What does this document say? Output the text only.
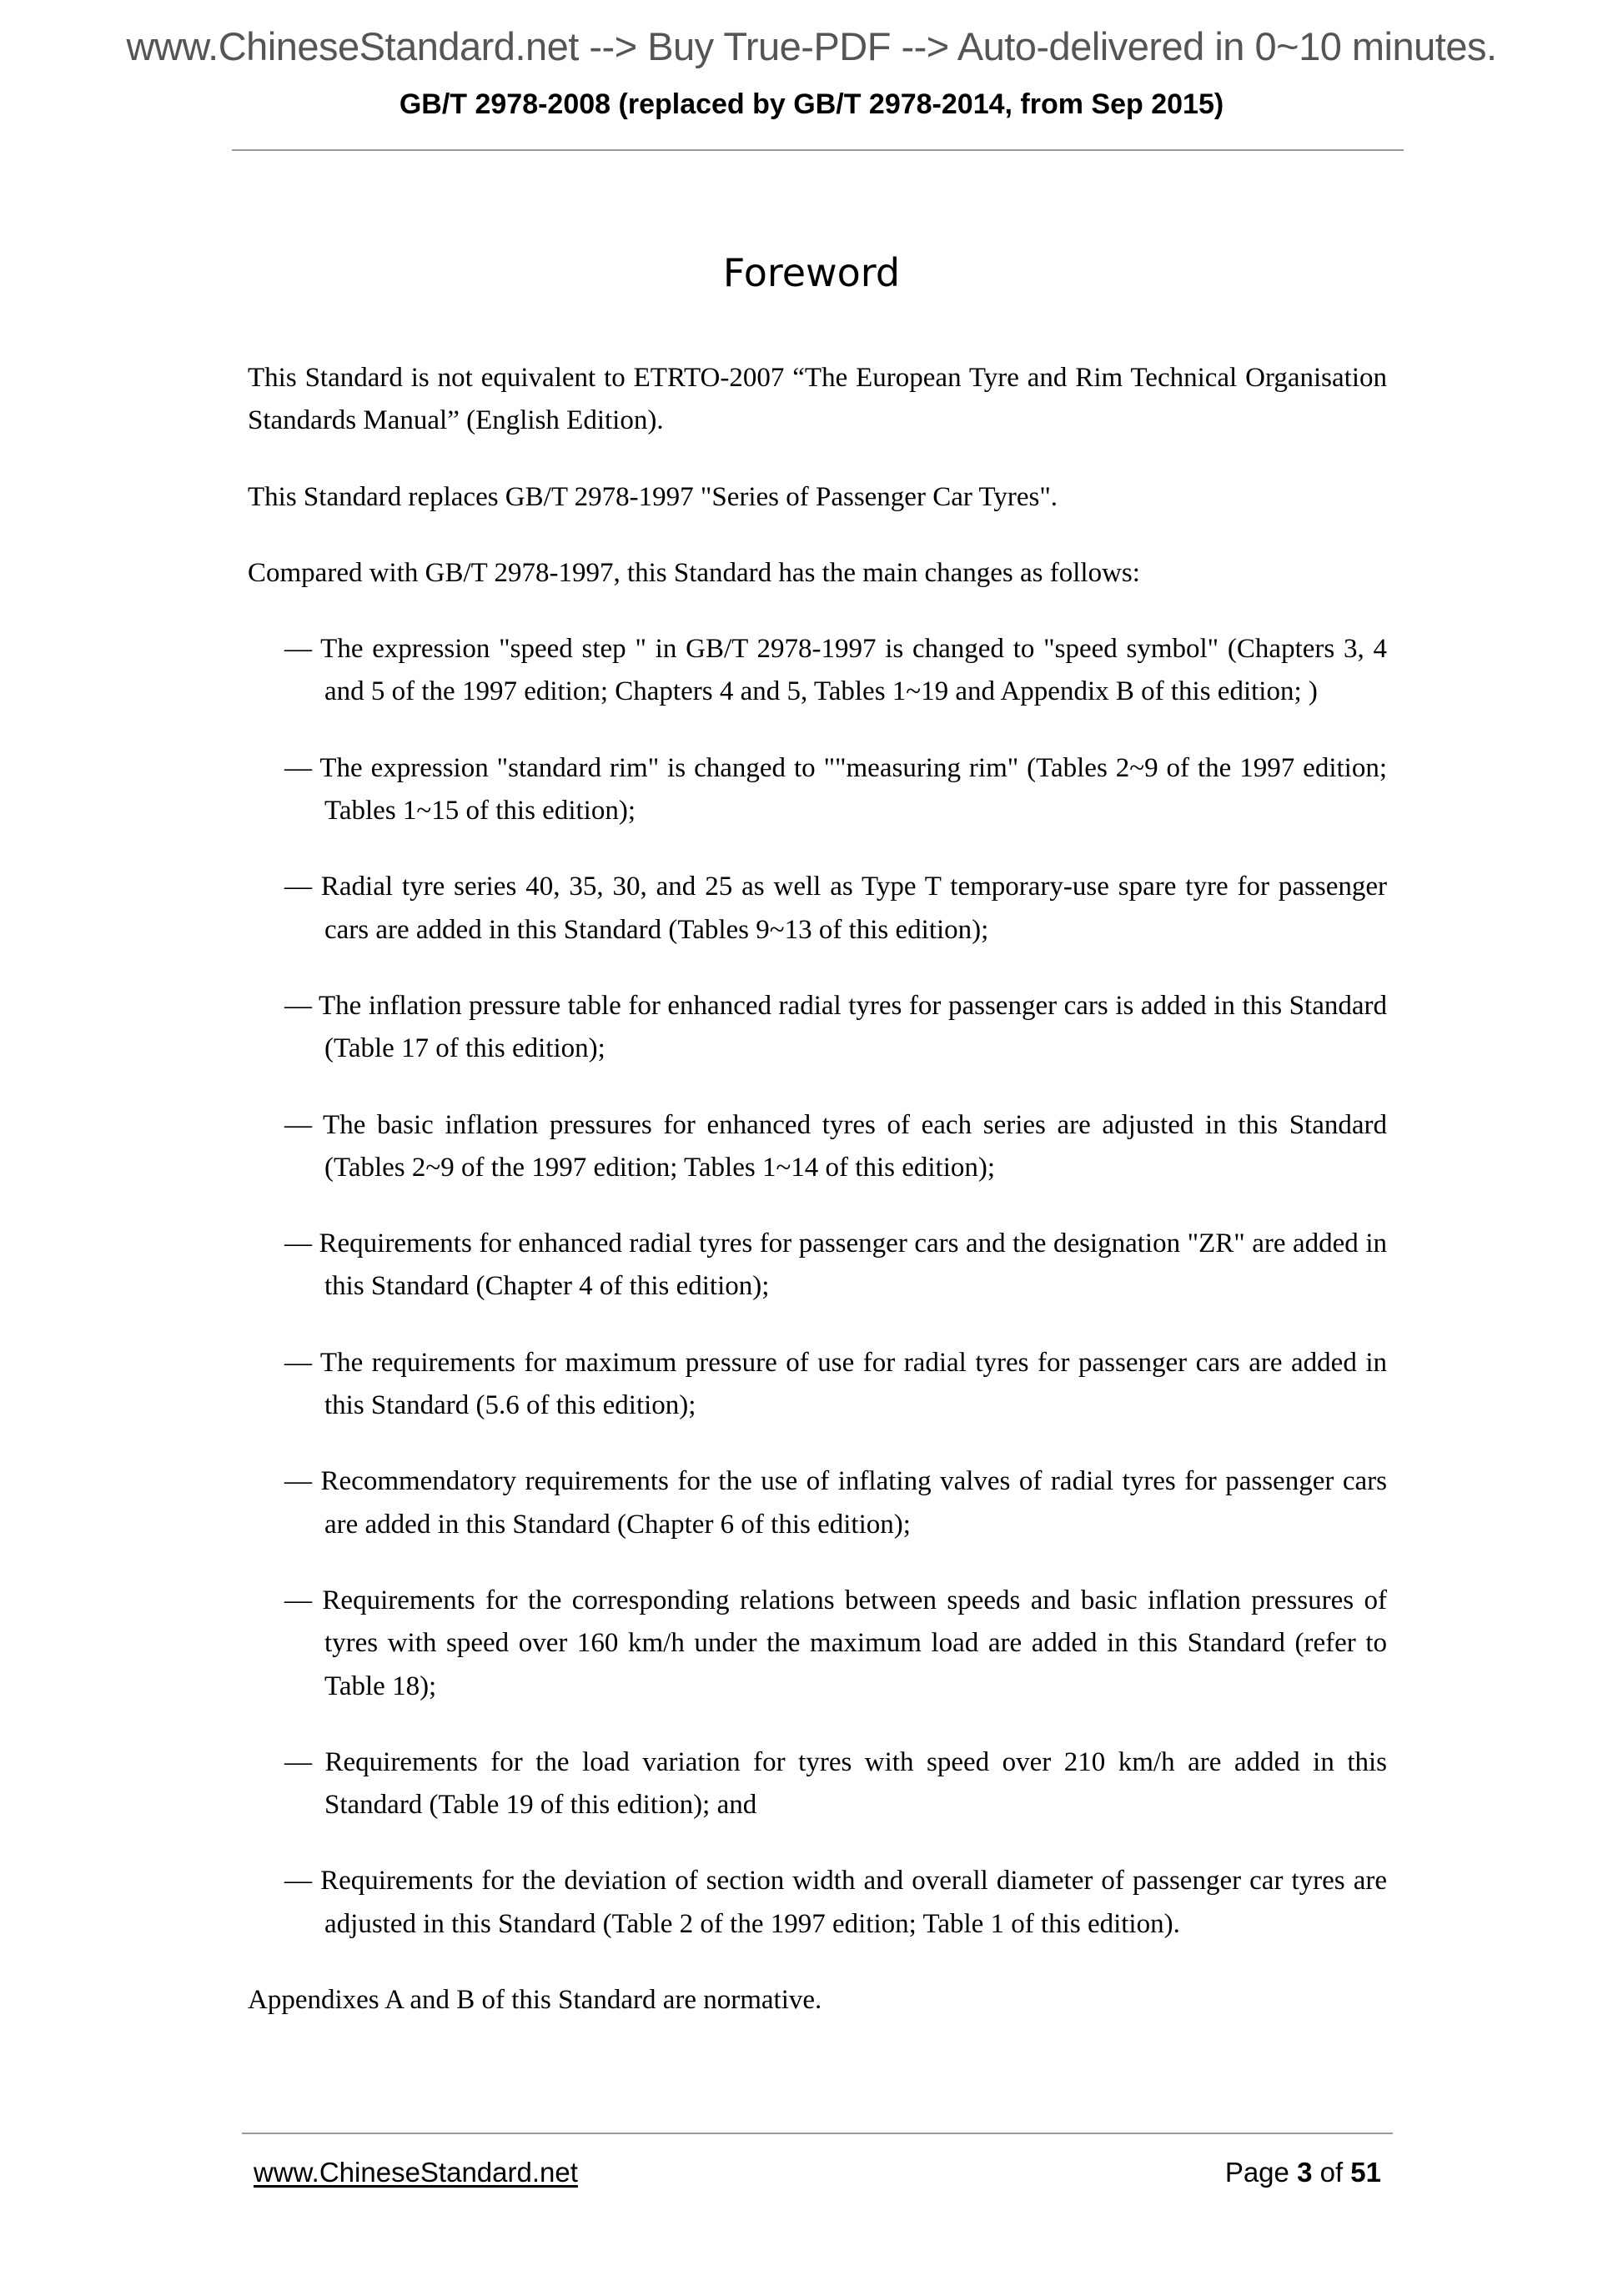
www.ChineseStandard.net --> Buy True-PDF --> Auto-delivered in 0~10 minutes.
GB/T 2978-2008 (replaced by GB/T 2978-2014, from Sep 2015)
Foreword

This Standard is not equivalent to ETRTO-2007 “The European Tyre and Rim Technical Organisation Standards Manual” (English Edition).

This Standard replaces GB/T 2978-1997 "Series of Passenger Car Tyres".

Compared with GB/T 2978-1997, this Standard has the main changes as follows:

— The expression "speed step " in GB/T 2978-1997 is changed to "speed symbol" (Chapters 3, 4 and 5 of the 1997 edition; Chapters 4 and 5, Tables 1~19 and Appendix B of this edition; )

— The expression "standard rim" is changed to ""measuring rim" (Tables 2~9 of the 1997 edition; Tables 1~15 of this edition);

— Radial tyre series 40, 35, 30, and 25 as well as Type T temporary-use spare tyre for passenger cars are added in this Standard (Tables 9~13 of this edition);

— The inflation pressure table for enhanced radial tyres for passenger cars is added in this Standard (Table 17 of this edition);

— The basic inflation pressures for enhanced tyres of each series are adjusted in this Standard (Tables 2~9 of the 1997 edition; Tables 1~14 of this edition);

— Requirements for enhanced radial tyres for passenger cars and the designation "ZR" are added in this Standard (Chapter 4 of this edition);

— The requirements for maximum pressure of use for radial tyres for passenger cars are added in this Standard (5.6 of this edition);

— Recommendatory requirements for the use of inflating valves of radial tyres for passenger cars are added in this Standard (Chapter 6 of this edition);

— Requirements for the corresponding relations between speeds and basic inflation pressures of tyres with speed over 160 km/h under the maximum load are added in this Standard (refer to Table 18);

— Requirements for the load variation for tyres with speed over 210 km/h are added in this Standard (Table 19 of this edition); and

— Requirements for the deviation of section width and overall diameter of passenger car tyres are adjusted in this Standard (Table 2 of the 1997 edition; Table 1 of this edition).

Appendixes A and B of this Standard are normative.

www.ChineseStandard.net	Page 3 of 51
